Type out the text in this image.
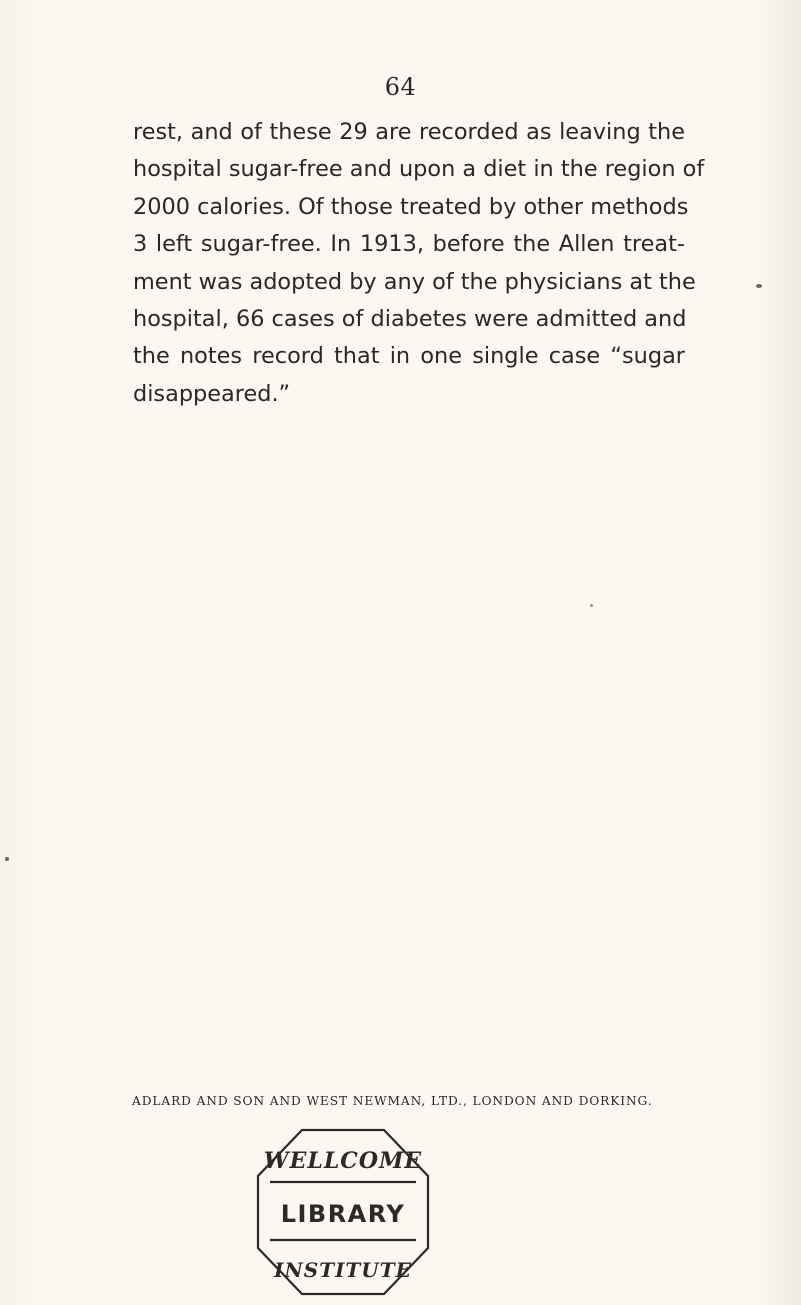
64
rest, and of these 29 are recorded as leaving the
hospital sugar-free and upon a diet in the region of
2000 calories. Of those treated by other methods
3 left sugar-free. In 1913, before the Allen treat-
ment was adopted by any of the physicians at the
hospital, 66 cases of diabetes were admitted and
the notes record that in one single case “sugar
disappeared.”
ADLARD AND SON AND WEST NEWMAN, LTD., LONDON AND DORKING.
WELLCOME
LIBRARY
INSTITUTE
